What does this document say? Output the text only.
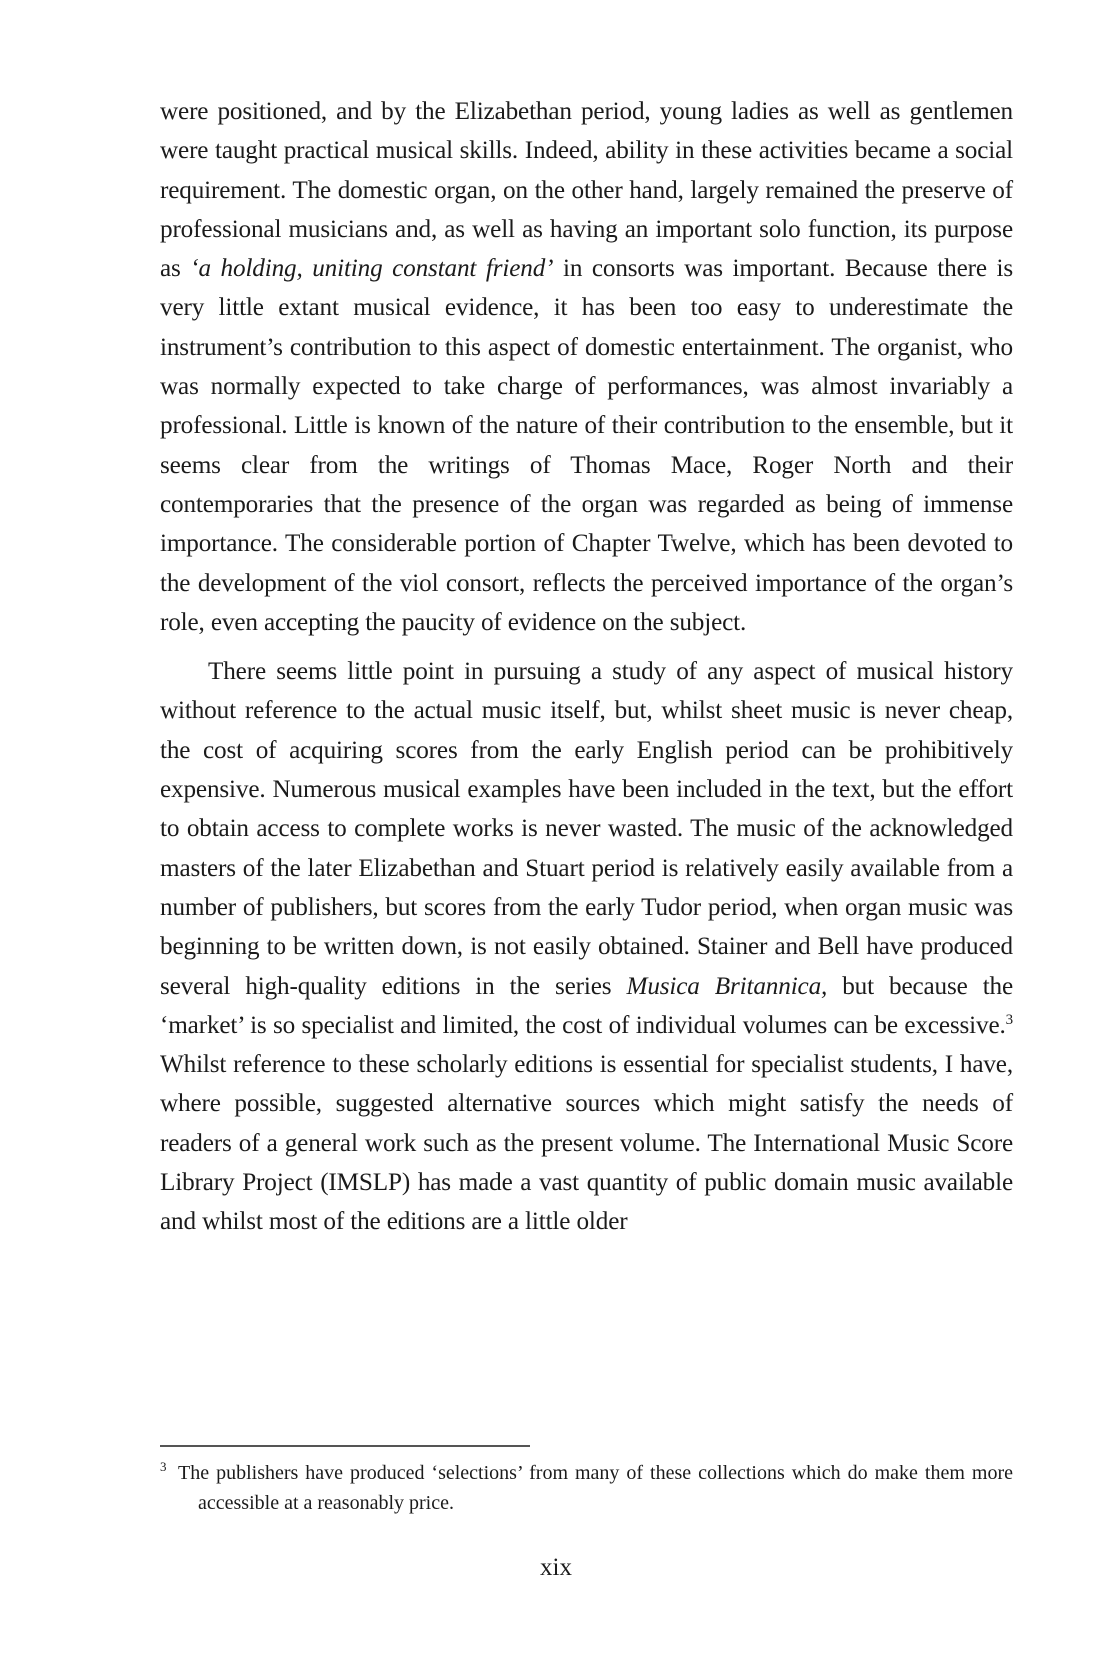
were positioned, and by the Elizabethan period, young ladies as well as gentlemen were taught practical musical skills. Indeed, ability in these activities became a social requirement. The domestic organ, on the other hand, largely remained the preserve of professional musicians and, as well as having an important solo function, its purpose as ‘a holding, uniting constant friend’ in consorts was important. Because there is very little extant musical evidence, it has been too easy to underestimate the instrument’s contribution to this aspect of domestic entertainment. The organist, who was normally expected to take charge of performances, was almost invariably a professional. Little is known of the nature of their contribution to the ensemble, but it seems clear from the writings of Thomas Mace, Roger North and their contemporaries that the presence of the organ was regarded as being of immense importance. The considerable portion of Chapter Twelve, which has been devoted to the development of the viol consort, reflects the perceived importance of the organ’s role, even accepting the paucity of evidence on the subject.

There seems little point in pursuing a study of any aspect of musical history without reference to the actual music itself, but, whilst sheet music is never cheap, the cost of acquiring scores from the early English period can be prohibitively expensive. Numerous musical examples have been included in the text, but the effort to obtain access to complete works is never wasted. The music of the acknowledged masters of the later Elizabethan and Stuart period is relatively easily available from a number of publishers, but scores from the early Tudor period, when organ music was beginning to be written down, is not easily obtained. Stainer and Bell have produced several high-quality editions in the series Musica Britannica, but because the ‘market’ is so specialist and limited, the cost of individual volumes can be excessive.$^3$ Whilst reference to these scholarly editions is essential for specialist students, I have, where possible, suggested alternative sources which might satisfy the needs of readers of a general work such as the present volume. The International Music Score Library Project (IMSLP) has made a vast quantity of public domain music available and whilst most of the editions are a little older

3 The publishers have produced ‘selections’ from many of these collections which do make them more accessible at a reasonably price.

xix
